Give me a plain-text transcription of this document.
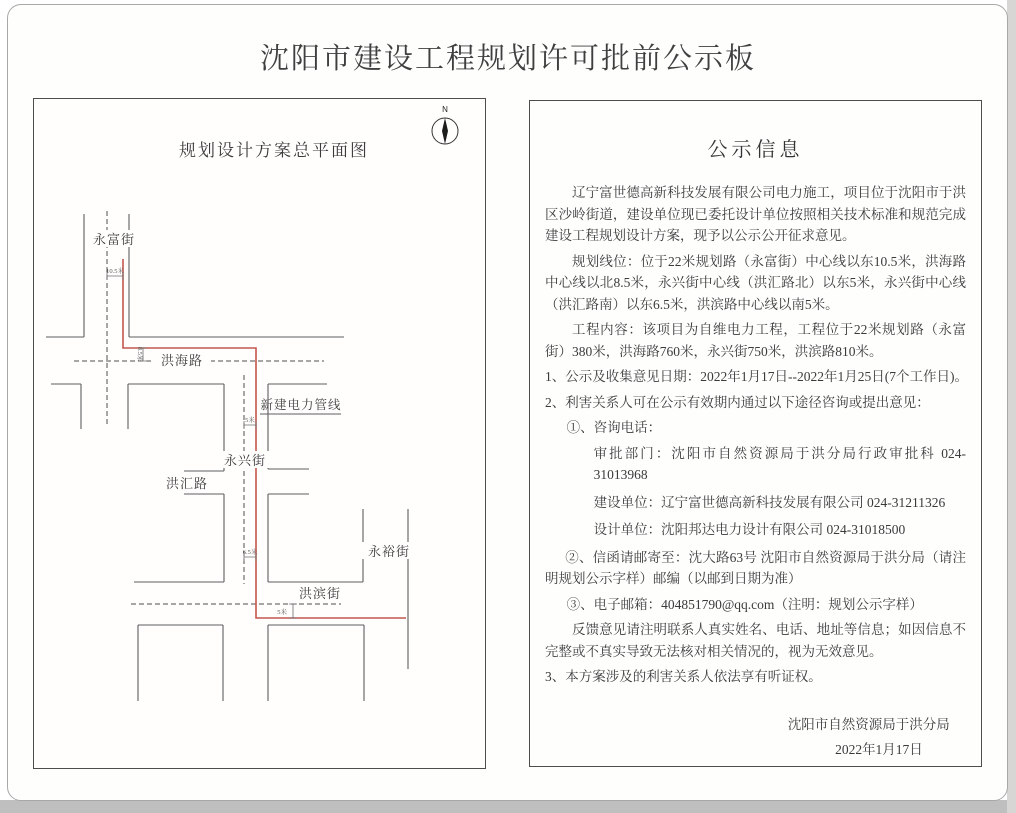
沈阳市建设工程规划许可批前公示板
规划设计方案总平面图
N
10.5米
8.5米
5米
6.5米
5米
永富街
洪海路
新建电力管线
永兴街
洪汇路
永裕街
洪滨街
公示信息

辽宁富世德高新科技发展有限公司电力施工，项目位于沈阳市于洪区沙岭街道，建设单位现已委托设计单位按照相关技术标准和规范完成建设工程规划设计方案，现予以公示公开征求意见。

规划线位：位于22米规划路（永富街）中心线以东10.5米，洪海路中心线以北8.5米，永兴街中心线（洪汇路北）以东5米，永兴街中心线（洪汇路南）以东6.5米，洪滨路中心线以南5米。

工程内容：该项目为自维电力工程，工程位于22米规划路（永富街）380米，洪海路760米，永兴街750米，洪滨路810米。

1、公示及收集意见日期：2022年1月17日--2022年1月25日(7个工作日)。

2、利害关系人可在公示有效期内通过以下途径咨询或提出意见：

①、咨询电话：

审批部门：沈阳市自然资源局于洪分局行政审批科 024-31013968

建设单位：辽宁富世德高新科技发展有限公司 024-31211326

设计单位：沈阳邦达电力设计有限公司 024-31018500

②、信函请邮寄至：沈大路63号 沈阳市自然资源局于洪分局（请注明规划公示字样）邮编（以邮到日期为准）

③、电子邮箱：404851790@qq.com（注明：规划公示字样）

反馈意见请注明联系人真实姓名、电话、地址等信息；如因信息不完整或不真实导致无法核对相关情况的，视为无效意见。

3、本方案涉及的利害关系人依法享有听证权。

沈阳市自然资源局于洪分局

2022年1月17日
